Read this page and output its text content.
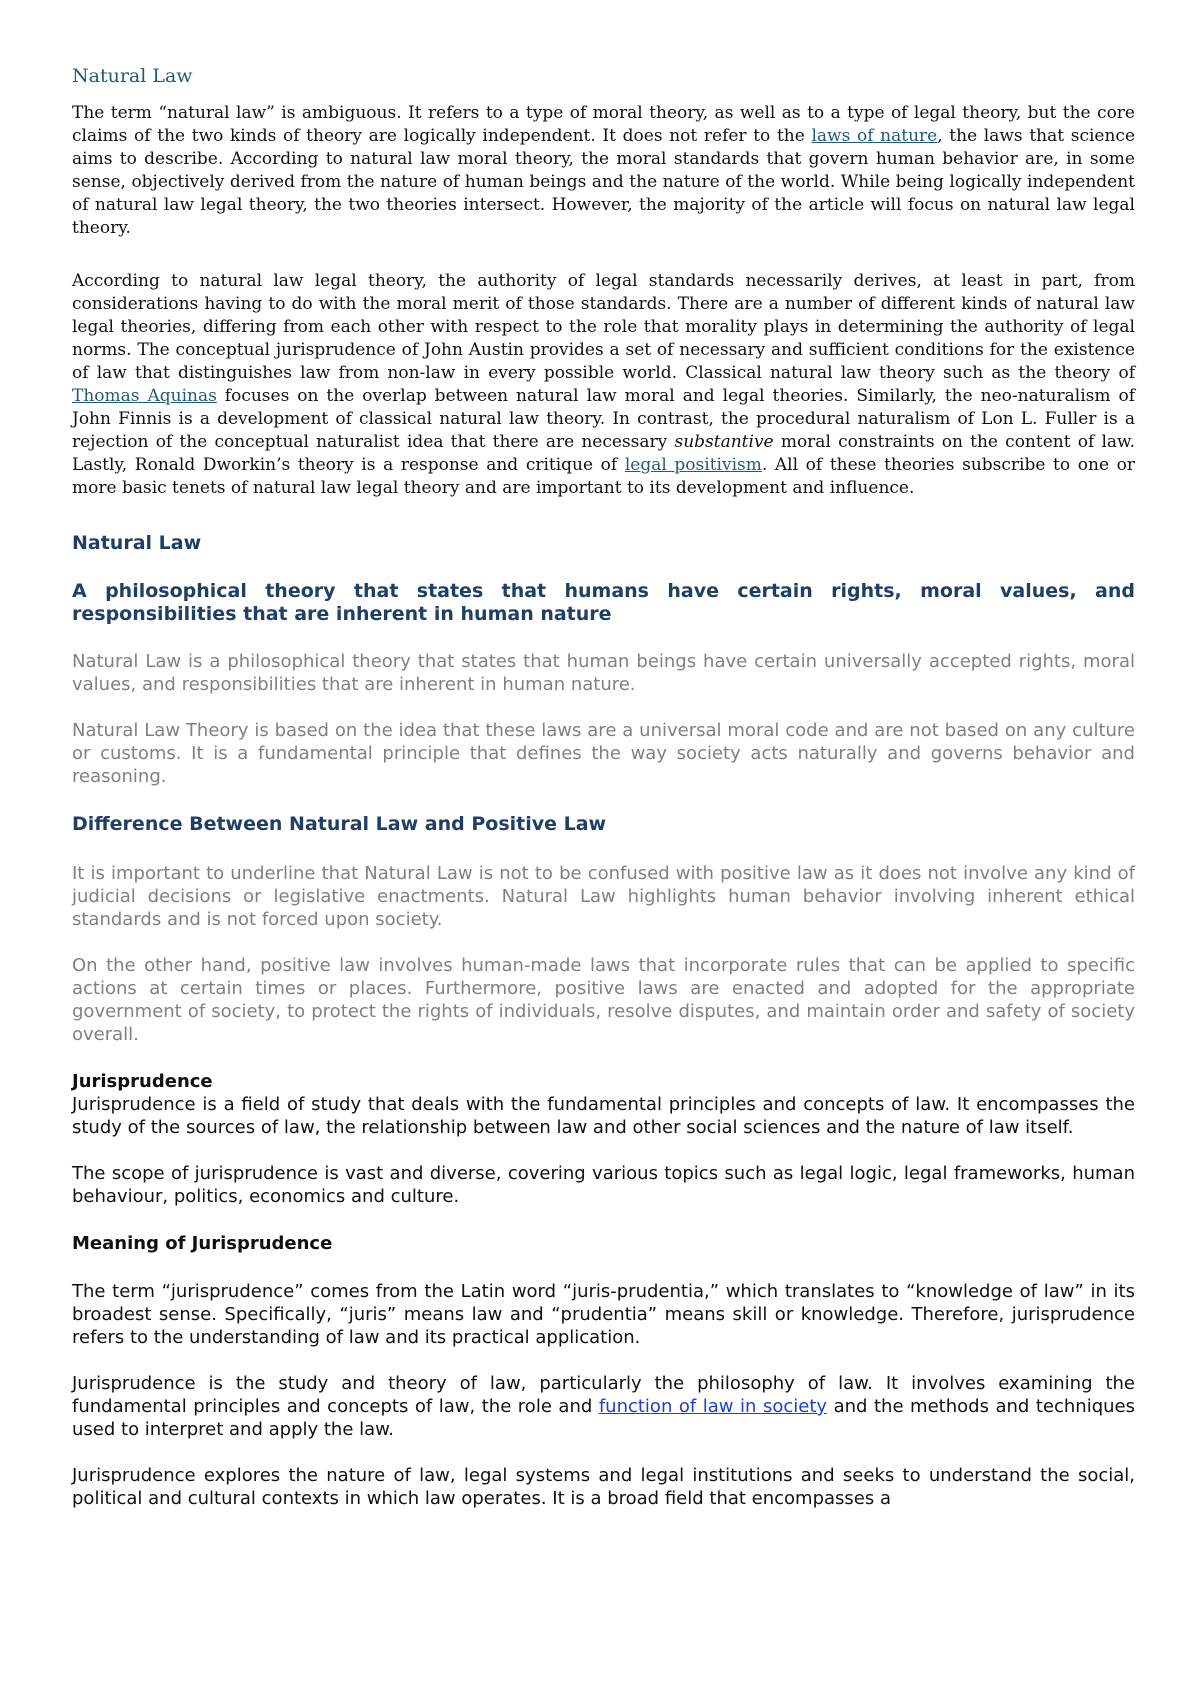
Natural Law

The term “natural law” is ambiguous. It refers to a type of moral theory, as well as to a type of legal theory, but the core claims of the two kinds of theory are logically independent. It does not refer to the laws of nature, the laws that science aims to describe. According to natural law moral theory, the moral standards that govern human behavior are, in some sense, objectively derived from the nature of human beings and the nature of the world. While being logically independent of natural law legal theory, the two theories intersect. However, the majority of the article will focus on natural law legal theory.

According to natural law legal theory, the authority of legal standards necessarily derives, at least in part, from considerations having to do with the moral merit of those standards. There are a number of different kinds of natural law legal theories, differing from each other with respect to the role that morality plays in determining the authority of legal norms. The conceptual jurisprudence of John Austin provides a set of necessary and sufficient conditions for the existence of law that distinguishes law from non-law in every possible world. Classical natural law theory such as the theory of Thomas Aquinas focuses on the overlap between natural law moral and legal theories. Similarly, the neo-naturalism of John Finnis is a development of classical natural law theory. In contrast, the procedural naturalism of Lon L. Fuller is a rejection of the conceptual naturalist idea that there are necessary substantive moral constraints on the content of law. Lastly, Ronald Dworkin’s theory is a response and critique of legal positivism. All of these theories subscribe to one or more basic tenets of natural law legal theory and are important to its development and influence.

Natural Law

A philosophical theory that states that humans have certain rights, moral values, and responsibilities that are inherent in human nature

Natural Law is a philosophical theory that states that human beings have certain universally accepted rights, moral values, and responsibilities that are inherent in human nature.

Natural Law Theory is based on the idea that these laws are a universal moral code and are not based on any culture or customs. It is a fundamental principle that defines the way society acts naturally and governs behavior and reasoning.

Difference Between Natural Law and Positive Law

It is important to underline that Natural Law is not to be confused with positive law as it does not involve any kind of judicial decisions or legislative enactments. Natural Law highlights human behavior involving inherent ethical standards and is not forced upon society.

On the other hand, positive law involves human-made laws that incorporate rules that can be applied to specific actions at certain times or places. Furthermore, positive laws are enacted and adopted for the appropriate government of society, to protect the rights of individuals, resolve disputes, and maintain order and safety of society overall.

Jurisprudence

Jurisprudence is a field of study that deals with the fundamental principles and concepts of law. It encompasses the study of the sources of law, the relationship between law and other social sciences and the nature of law itself.

The scope of jurisprudence is vast and diverse, covering various topics such as legal logic, legal frameworks, human behaviour, politics, economics and culture.

Meaning of Jurisprudence

The term “jurisprudence” comes from the Latin word “juris-prudentia,” which translates to “knowledge of law” in its broadest sense. Specifically, “juris” means law and “prudentia” means skill or knowledge. Therefore, jurisprudence refers to the understanding of law and its practical application.

Jurisprudence is the study and theory of law, particularly the philosophy of law. It involves examining the fundamental principles and concepts of law, the role and function of law in society and the methods and techniques used to interpret and apply the law.

Jurisprudence explores the nature of law, legal systems and legal institutions and seeks to understand the social, political and cultural contexts in which law operates. It is a broad field that encompasses a
